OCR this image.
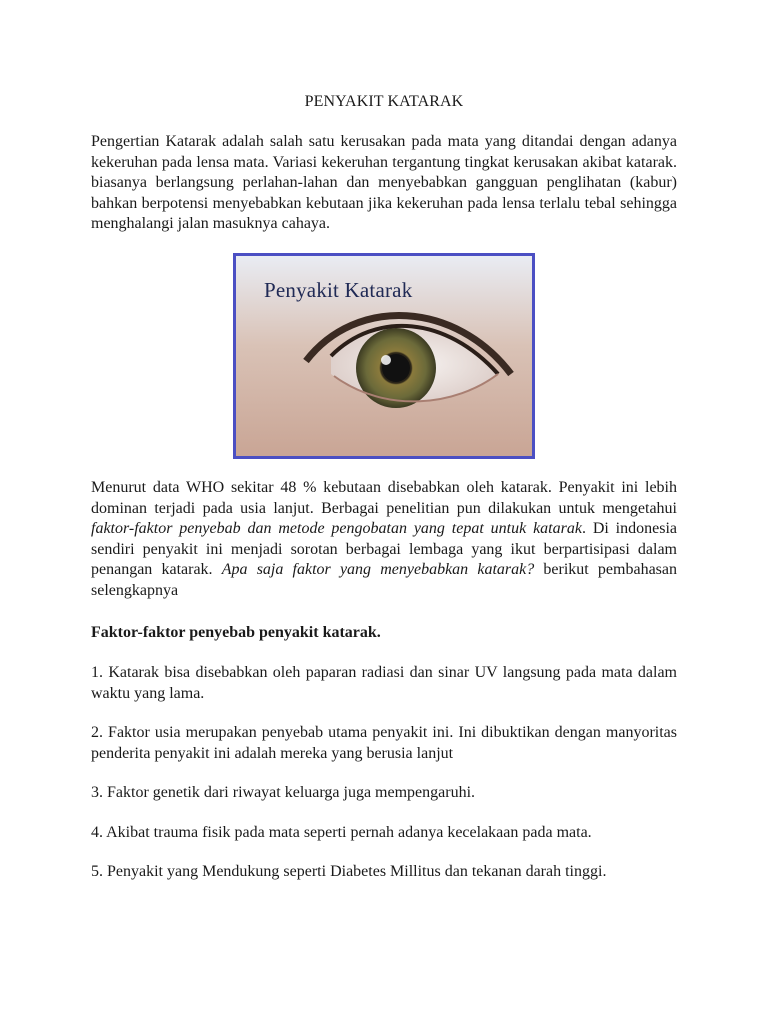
PENYAKIT KATARAK

Pengertian Katarak adalah salah satu kerusakan pada mata yang ditandai dengan adanya kekeruhan pada lensa mata. Variasi kekeruhan tergantung tingkat kerusakan akibat katarak. biasanya berlangsung perlahan-lahan dan menyebabkan gangguan penglihatan (kabur) bahkan berpotensi menyebabkan kebutaan jika kekeruhan pada lensa terlalu tebal sehingga menghalangi jalan masuknya cahaya.

Penyakit Katarak

Menurut data WHO sekitar 48 % kebutaan disebabkan oleh katarak. Penyakit ini lebih dominan terjadi pada usia lanjut. Berbagai penelitian pun dilakukan untuk mengetahui faktor-faktor penyebab dan metode pengobatan yang tepat untuk katarak. Di indonesia sendiri penyakit ini menjadi sorotan berbagai lembaga yang ikut berpartisipasi dalam penangan katarak. Apa saja faktor yang menyebabkan katarak? berikut pembahasan selengkapnya

Faktor-faktor penyebab penyakit katarak.

1. Katarak bisa disebabkan oleh paparan radiasi dan sinar UV langsung pada mata dalam waktu yang lama.

2. Faktor usia merupakan penyebab utama penyakit ini. Ini dibuktikan dengan manyoritas penderita penyakit ini adalah mereka yang berusia lanjut

3. Faktor genetik dari riwayat keluarga juga mempengaruhi.

4. Akibat trauma fisik pada mata seperti pernah adanya kecelakaan pada mata.

5. Penyakit yang Mendukung seperti Diabetes Millitus dan tekanan darah tinggi.
